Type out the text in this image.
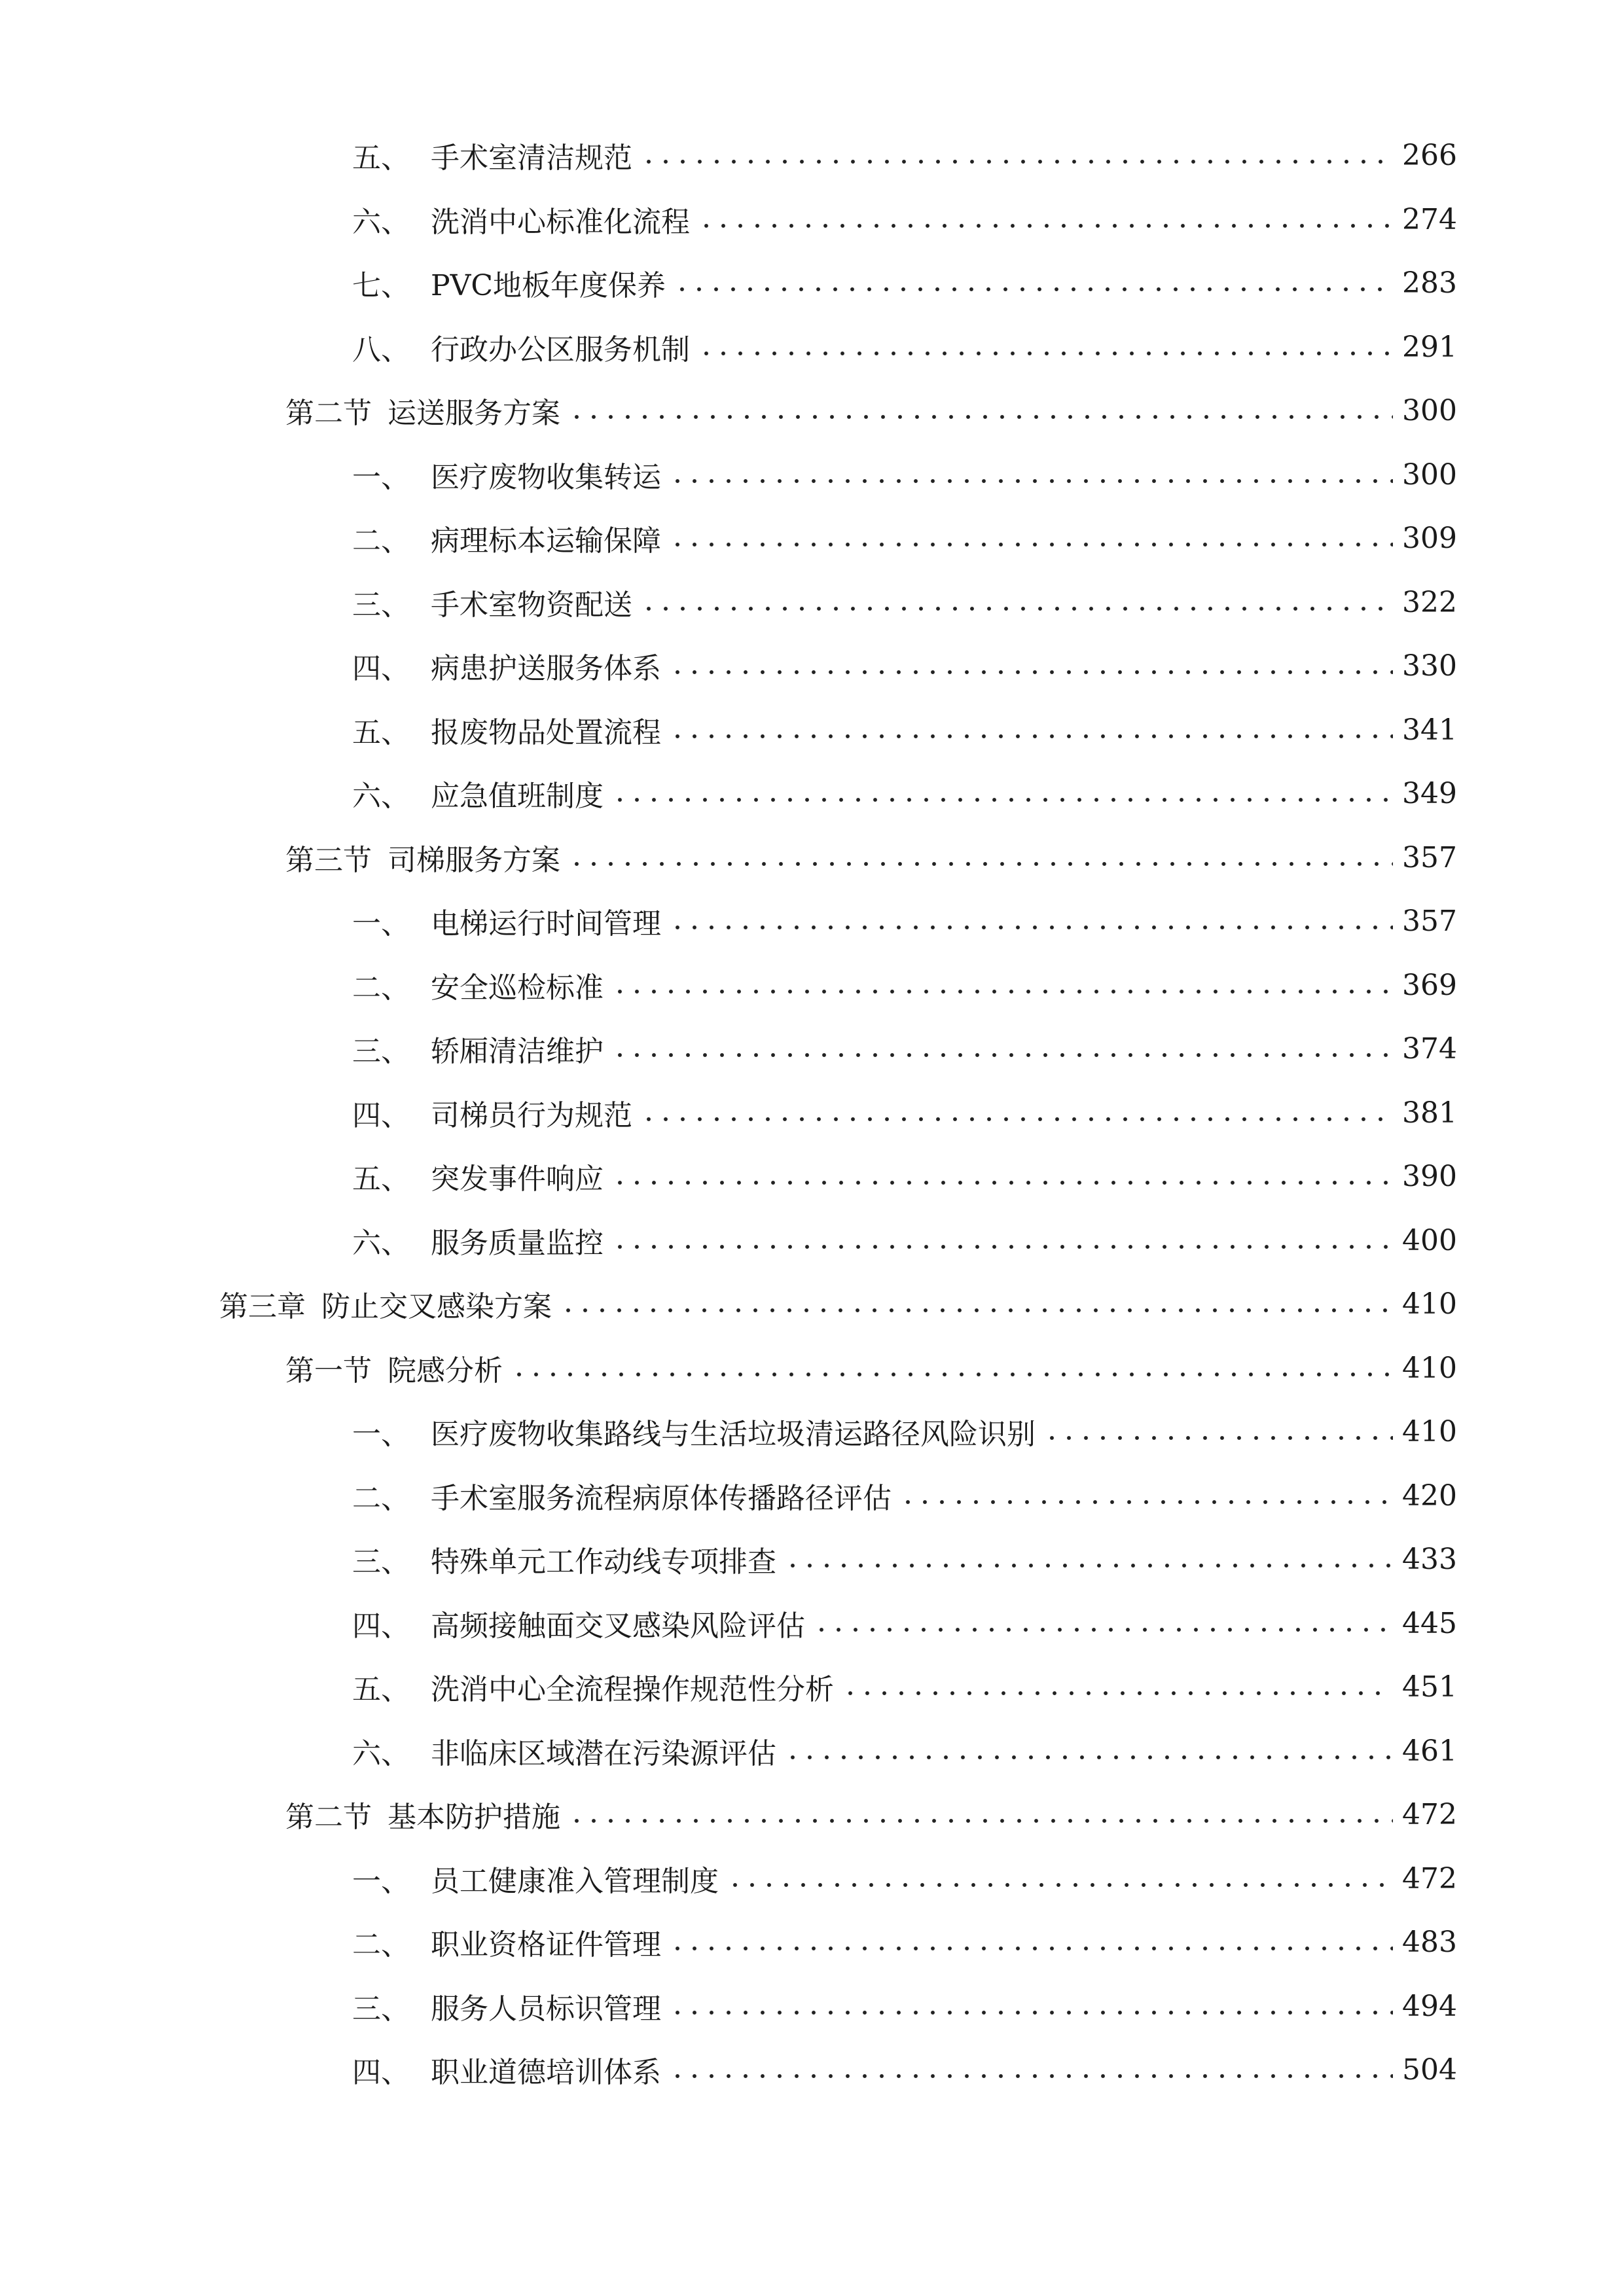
五、 手术室清洁规范	266
六、 洗消中心标准化流程	274
七、 PVC地板年度保养	283
八、 行政办公区服务机制	291
第二节 运送服务方案	300
一、 医疗废物收集转运	300
二、 病理标本运输保障	309
三、 手术室物资配送	322
四、 病患护送服务体系	330
五、 报废物品处置流程	341
六、 应急值班制度	349
第三节 司梯服务方案	357
一、 电梯运行时间管理	357
二、 安全巡检标准	369
三、 轿厢清洁维护	374
四、 司梯员行为规范	381
五、 突发事件响应	390
六、 服务质量监控	400
第三章 防止交叉感染方案	410
第一节 院感分析	410
一、 医疗废物收集路线与生活垃圾清运路径风险识别	410
二、 手术室服务流程病原体传播路径评估	420
三、 特殊单元工作动线专项排查	433
四、 高频接触面交叉感染风险评估	445
五、 洗消中心全流程操作规范性分析	451
六、 非临床区域潜在污染源评估	461
第二节 基本防护措施	472
一、 员工健康准入管理制度	472
二、 职业资格证件管理	483
三、 服务人员标识管理	494
四、 职业道德培训体系	504
